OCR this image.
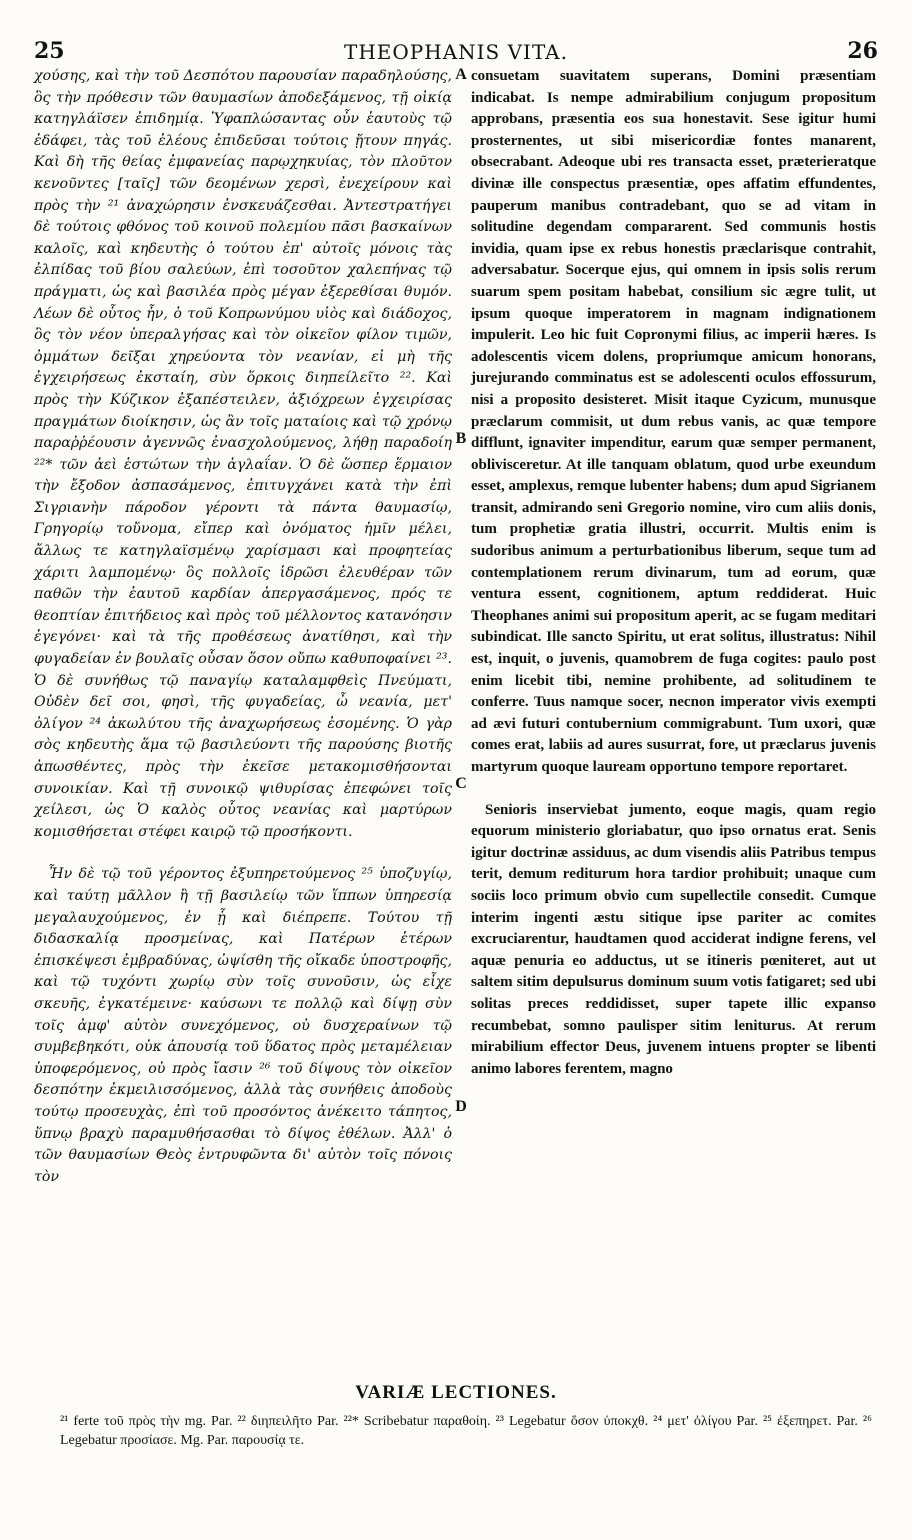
25	THEOPHANIS VITA.	26

χούσης, καὶ τὴν τοῦ Δεσπότου παρουσίαν παραδηλούσης, ὃς τὴν πρόθεσιν τῶν θαυμασίων ἀποδεξάμενος, τῇ οἰκίᾳ κατηγλάϊσεν ἐπιδημίᾳ. Ὑφαπλώσαντας οὖν ἑαυτοὺς τῷ ἐδάφει, τὰς τοῦ ἐλέους ἐπιδεῦσαι τούτοις ᾔτουν πηγάς. Καὶ δὴ τῆς θείας ἐμφανείας παρῳχηκυίας, τὸν πλοῦτον κενοῦντες [ταῖς] τῶν δεομένων χερσὶ, ἐνεχείρουν καὶ πρὸς τὴν ²¹ ἀναχώρησιν ἐνσκευάζεσθαι. Ἀντεστρατήγει δὲ τούτοις φθόνος τοῦ κοινοῦ πολεμίου πᾶσι βασκαίνων καλοῖς, καὶ κηδευτὴς ὁ τούτου ἐπ' αὐτοῖς μόνοις τὰς ἐλπίδας τοῦ βίου σαλεύων, ἐπὶ τοσοῦτον χαλεπήνας τῷ πράγματι, ὡς καὶ βασιλέα πρὸς μέγαν ἐξερεθίσαι θυμόν. Λέων δὲ οὗτος ἦν, ὁ τοῦ Κοπρωνύμου υἱὸς καὶ διάδοχος, ὃς τὸν νέον ὑπεραλγήσας καὶ τὸν οἰκεῖον φίλον τιμῶν, ὀμμάτων δεῖξαι χηρεύοντα τὸν νεανίαν, εἰ μὴ τῆς ἐγχειρήσεως ἐκσταίη, σὺν ὅρκοις διηπείλεῖτο ²². Καὶ πρὸς τὴν Κύζικον ἐξαπέστειλεν, ἀξιόχρεων ἐγχειρίσας πραγμάτων διοίκησιν, ὡς ἂν τοῖς ματαίοις καὶ τῷ χρόνῳ παραῤῥέουσιν ἀγεννῶς ἐνασχολούμενος, λήθῃ παραδοίη ²²* τῶν ἀεὶ ἑστώτων τὴν ἀγλαΐαν. Ὁ δὲ ὥσπερ ἕρμαιον τὴν ἔξοδον ἀσπασάμενος, ἐπιτυγχάνει κατὰ τὴν ἐπὶ Σιγριανὴν πάροδον γέροντι τὰ πάντα θαυμασίῳ, Γρηγορίῳ τοὔνομα, εἴπερ καὶ ὀνόματος ἡμῖν μέλει, ἄλλως τε κατηγλαϊσμένῳ χαρίσμασι καὶ προφητείας χάριτι λαμπομένῳ· ὃς πολλοῖς ἱδρῶσι ἐλευθέραν τῶν παθῶν τὴν ἑαυτοῦ καρδίαν ἀπεργασάμενος, πρός τε θεοπτίαν ἐπιτήδειος καὶ πρὸς τοῦ μέλλοντος κατανόησιν ἐγεγόνει· καὶ τὰ τῆς προθέσεως ἀνατίθησι, καὶ τὴν φυγαδείαν ἐν βουλαῖς οὖσαν ὅσον οὔπω καθυποφαίνει ²³. Ὁ δὲ συνήθως τῷ παναγίῳ καταλαμφθεὶς Πνεύματι, Οὐδὲν δεῖ σοι, φησὶ, τῆς φυγαδείας, ὦ νεανία, μετ' ὀλίγον ²⁴ ἀκωλύτου τῆς ἀναχωρήσεως ἐσομένης. Ὁ γὰρ σὸς κηδευτὴς ἅμα τῷ βασιλεύοντι τῆς παρούσης βιοτῆς ἀπωσθέντες, πρὸς τὴν ἐκεῖσε μετακομισθήσονται συνοικίαν. Καὶ τῇ συνοικῷ ψιθυρίσας ἐπεφώνει τοῖς χείλεσι, ὡς Ὁ καλὸς οὗτος νεανίας καὶ μαρτύρων κομισθήσεται στέφει καιρῷ τῷ προσήκοντι.

Ἦν δὲ τῷ τοῦ γέροντος ἐξυπηρετούμενος ²⁵ ὑποζυγίῳ, καὶ ταύτῃ μᾶλλον ἢ τῇ βασιλείῳ τῶν ἵππων ὑπηρεσίᾳ μεγαλαυχούμενος, ἐν ᾗ καὶ διέπρεπε. Τούτου τῇ διδασκαλίᾳ προσμείνας, καὶ Πατέρων ἑτέρων ἐπισκέψεσι ἐμβραδύνας, ὠψίσθη τῆς οἴκαδε ὑποστροφῆς, καὶ τῷ τυχόντι χωρίῳ σὺν τοῖς συνοῦσιν, ὡς εἶχε σκευῆς, ἐγκατέμεινε· καύσωνι τε πολλῷ καὶ δίψῃ σὺν τοῖς ἀμφ' αὐτὸν συνεχόμενος, οὐ δυσχεραίνων τῷ συμβεβηκότι, οὐκ ἀπουσίᾳ τοῦ ὕδατος πρὸς μεταμέλειαν ὑποφερόμενος, οὐ πρὸς ἴασιν ²⁶ τοῦ δίψους τὸν οἰκεῖον δεσπότην ἐκμειλισσόμενος, ἀλλὰ τὰς συνήθεις ἀποδοὺς τούτῳ προσευχὰς, ἐπὶ τοῦ προσόντος ἀνέκειτο τάπητος, ὕπνῳ βραχὺ παραμυθήσασθαι τὸ δίψος ἐθέλων. Ἀλλ' ὁ τῶν θαυμασίων Θεὸς ἐντρυφῶντα δι' αὐτὸν τοῖς πόνοις τὸν

A
B
C
D

consuetam suavitatem superans, Domini præsentiam indicabat. Is nempe admirabilium conjugum propositum approbans, præsentia eos sua honestavit. Sese igitur humi prosternentes, ut sibi misericordiæ fontes manarent, obsecrabant. Adeoque ubi res transacta esset, præterieratque divinæ ille conspectus præsentiæ, opes affatim effundentes, pauperum manibus contradebant, quo se ad vitam in solitudine degendam compararent. Sed communis hostis invidia, quam ipse ex rebus honestis præclarisque contrahit, adversabatur. Socerque ejus, qui omnem in ipsis solis rerum suarum spem positam habebat, consilium sic ægre tulit, ut ipsum quoque imperatorem in magnam indignationem impulerit. Leo hic fuit Copronymi filius, ac imperii hæres. Is adolescentis vicem dolens, propriumque amicum honorans, jurejurando comminatus est se adolescenti oculos effossurum, nisi a proposito desisteret. Misit itaque Cyzicum, munusque præclarum commisit, ut dum rebus vanis, ac quæ tempore difflunt, ignaviter impenditur, earum quæ semper permanent, oblivisceretur. At ille tanquam oblatum, quod urbe exeundum esset, amplexus, remque lubenter habens; dum apud Sigrianem transit, admirando seni Gregorio nomine, viro cum aliis donis, tum prophetiæ gratia illustri, occurrit. Multis enim is sudoribus animum a perturbationibus liberum, seque tum ad contemplationem rerum divinarum, tum ad eorum, quæ ventura essent, cognitionem, aptum reddiderat. Huic Theophanes animi sui propositum aperit, ac se fugam meditari subindicat. Ille sancto Spiritu, ut erat solitus, illustratus: Nihil est, inquit, o juvenis, quamobrem de fuga cogites: paulo post enim licebit tibi, nemine prohibente, ad solitudinem te conferre. Tuus namque socer, necnon imperator vivis exempti ad ævi futuri contubernium commigrabunt. Tum uxori, quæ comes erat, labiis ad aures susurrat, fore, ut præclarus juvenis martyrum quoque lauream opportuno tempore reportaret.

Senioris inserviebat jumento, eoque magis, quam regio equorum ministerio gloriabatur, quo ipso ornatus erat. Senis igitur doctrinæ assiduus, ac dum visendis aliis Patribus tempus terit, demum rediturum hora tardior prohibuit; unaque cum sociis loco primum obvio cum supellectile consedit. Cumque interim ingenti æstu sitique ipse pariter ac comites excruciarentur, haudtamen quod acciderat indigne ferens, vel aquæ penuria eo adductus, ut se itineris pœniteret, aut ut saltem sitim depulsurus dominum suum votis fatigaret; sed ubi solitas preces reddidisset, super tapete illic expanso recumbebat, somno paulisper sitim leniturus. At rerum mirabilium effector Deus, juvenem intuens propter se libenti animo labores ferentem, magno

VARIÆ LECTIONES.

²¹ ferte τοῦ πρὸς τὴν mg. Par. ²² διηπειλῆτο Par. ²²* Scribebatur παραθοίη. ²³ Legebatur ὅσον ὑποκχθ. ²⁴ μετ' ὀλίγου Par. ²⁵ ἐξεπηρετ. Par. ²⁶ Legebatur προσίασε. Mg. Par. παρουσίᾳ τε.
